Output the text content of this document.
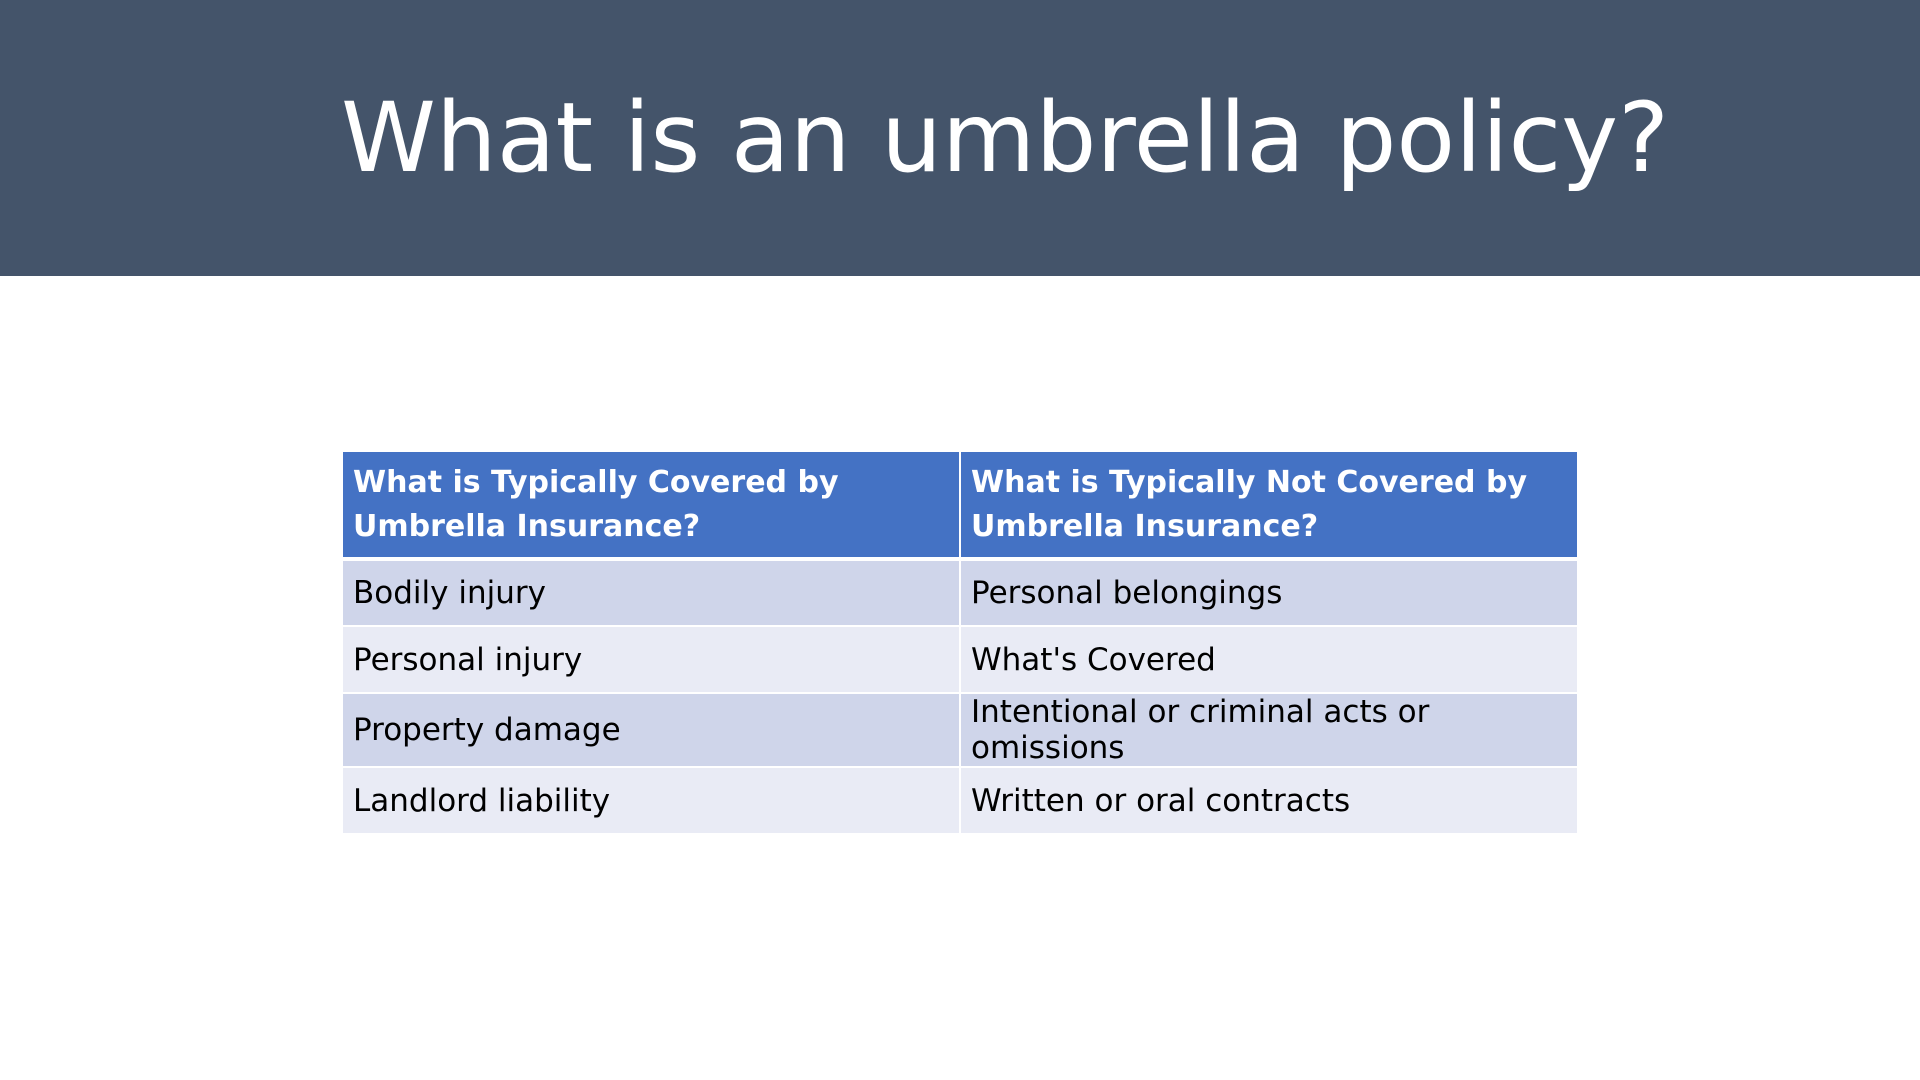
What is an umbrella policy?
What is Typically Covered by Umbrella Insurance?	What is Typically Not Covered by Umbrella Insurance?
Bodily injury	Personal belongings
Personal injury	What's Covered
Property damage	Intentional or criminal acts or omissions
Landlord liability	Written or oral contracts
